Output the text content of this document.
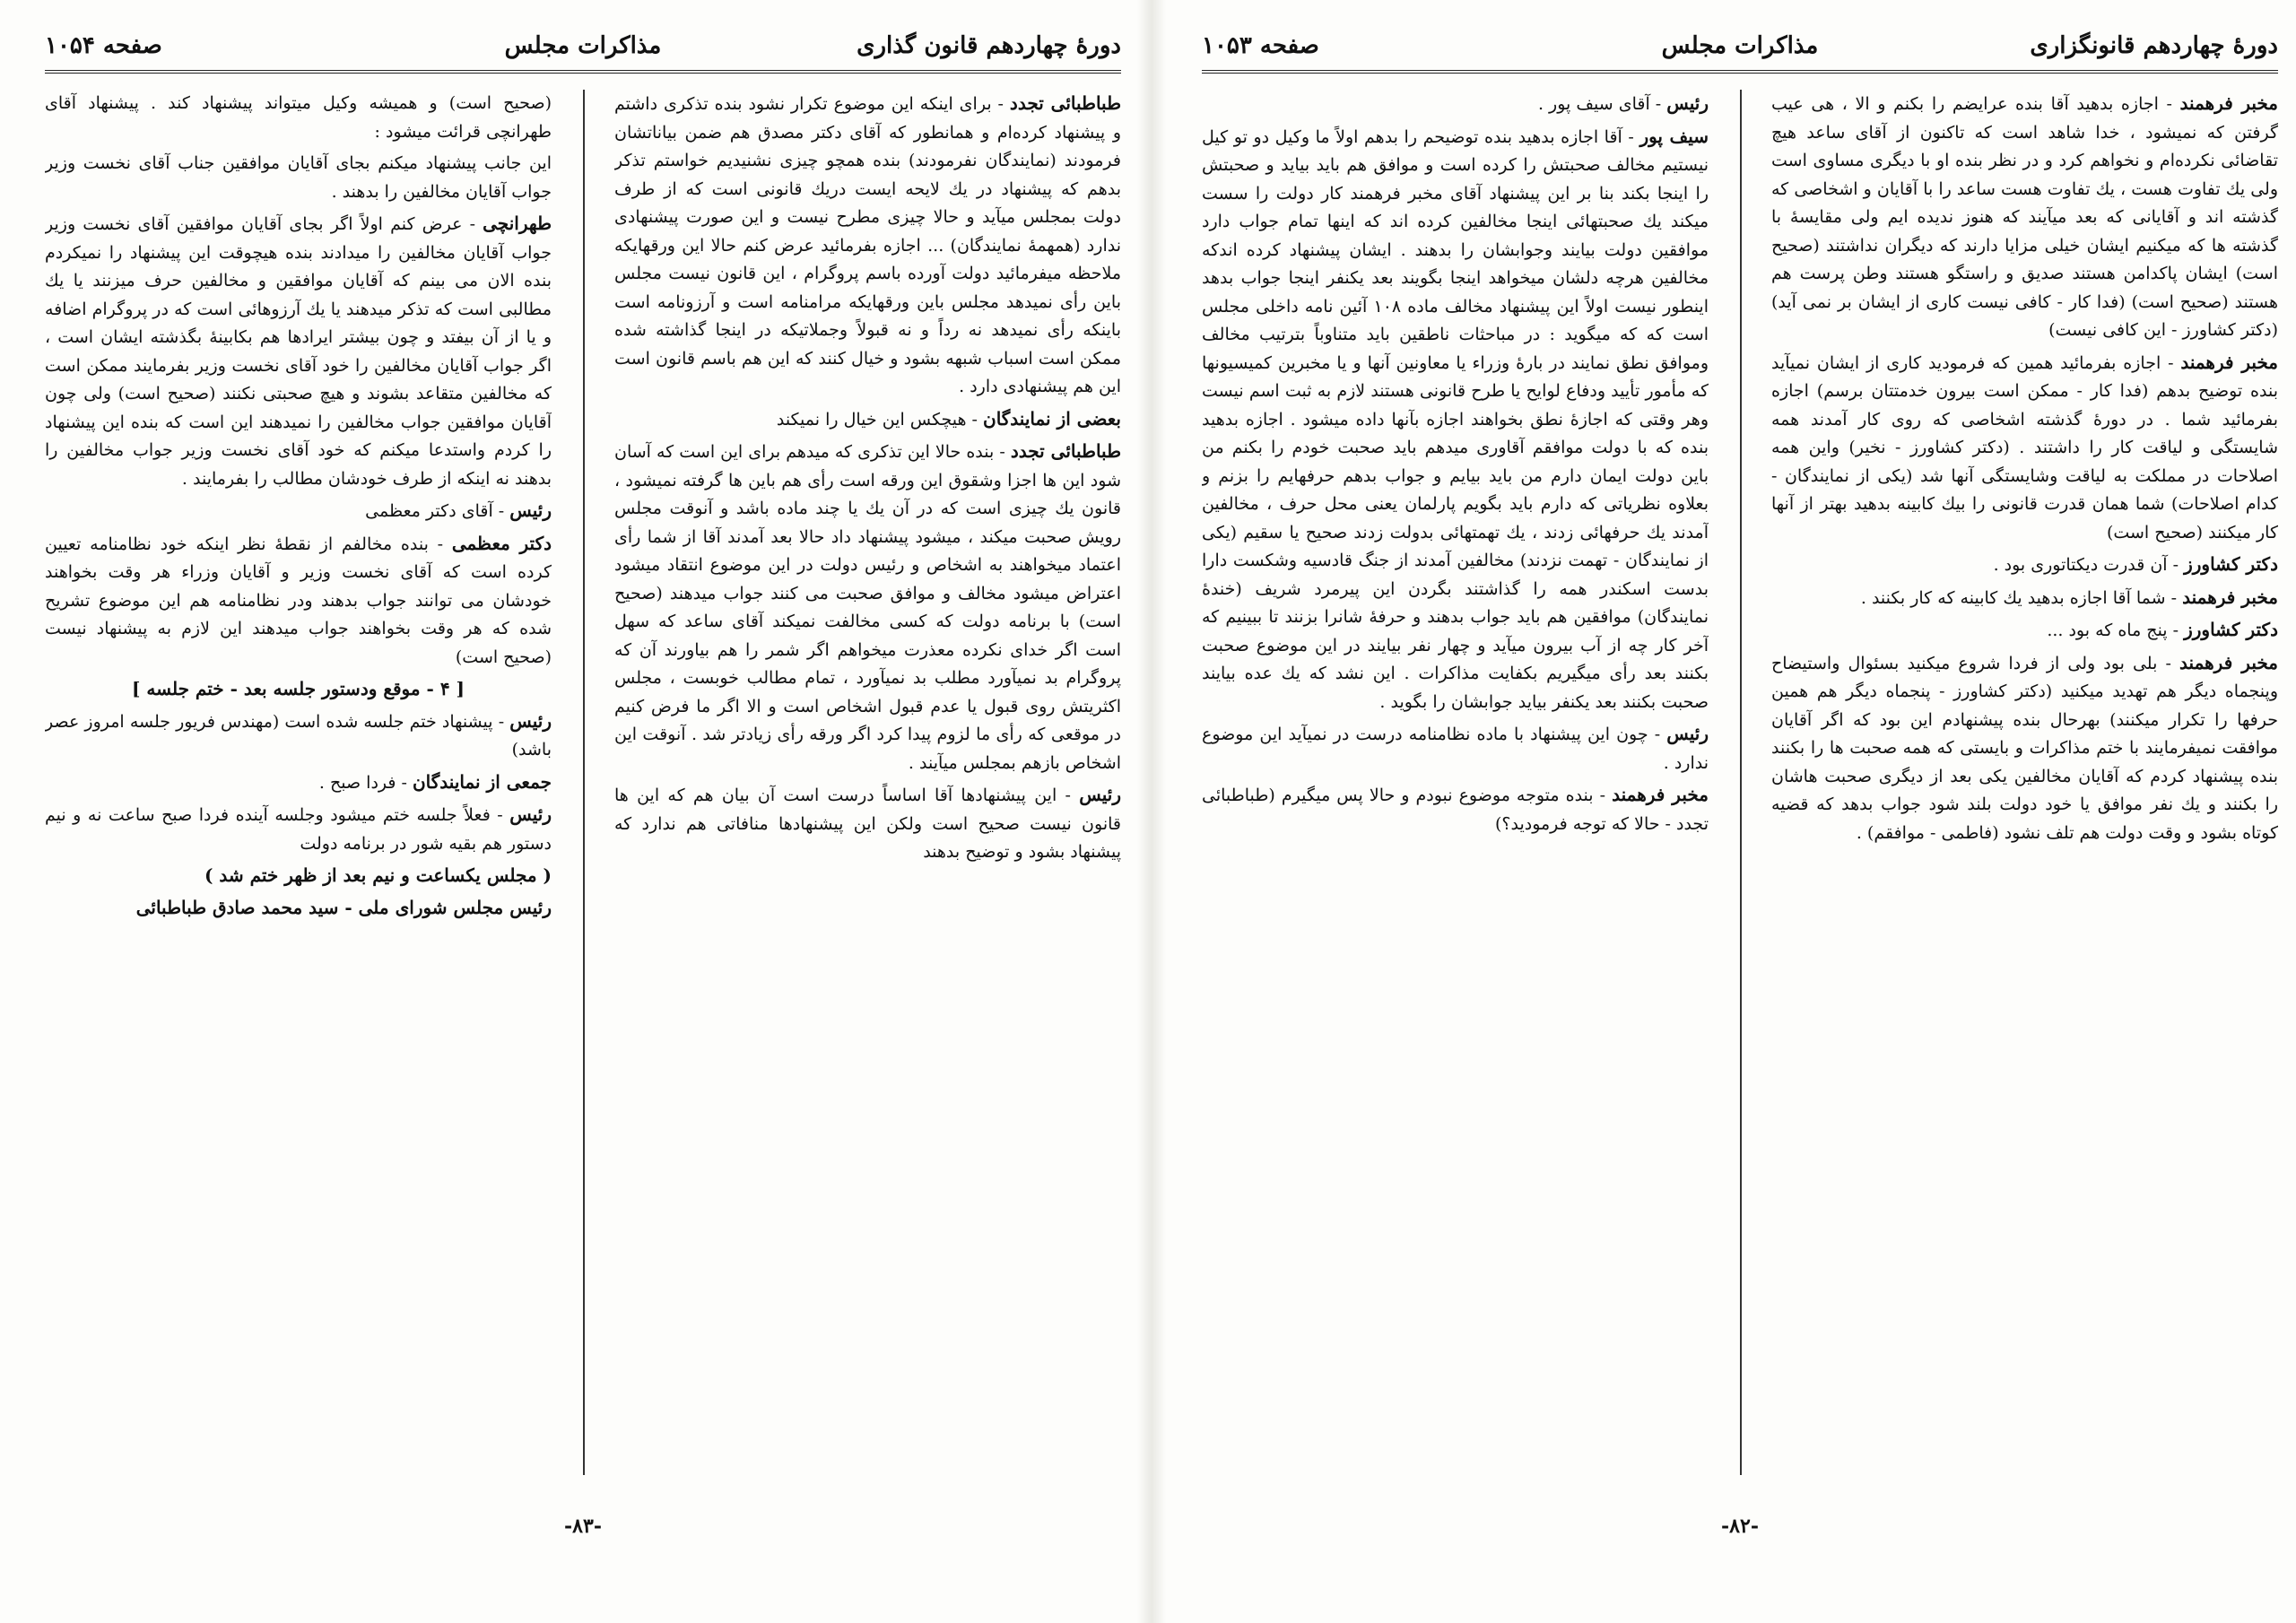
دورهٔ چهاردهم قانون گذاری
مذاکرات مجلس
صفحه ۱۰۵۴

طباطبائی تجدد - برای اینکه این موضوع تکرار نشود بنده تذکری داشتم و پیشنهاد کرده‌ام و همانطور که آقای دکتر مصدق هم ضمن بیاناتشان فرمودند (نمایندگان نفرمودند) بنده همچو چیزی نشنیدیم خواستم تذکر بدهم که پیشنهاد در یك لایحه ایست دریك قانونی است که از طرف دولت بمجلس میآید و حالا چیزی مطرح نیست و این صورت پیشنهادی ندارد (همهمهٔ نمایندگان) ... اجازه بفرمائید عرض کنم حالا این ورقهایکه ملاحظه میفرمائید دولت آورده باسم پروگرام ، این قانون نیست مجلس باین رأی نمیدهد مجلس باین ورقهایکه مرامنامه است و آرزونامه است باینکه رأی نمیدهد نه رداً و نه قبولاً وجملاتیکه در اینجا گذاشته شده ممکن است اسباب شبهه بشود و خیال کنند که این هم باسم قانون است این هم پیشنهادی دارد .

بعضی از نمایندگان - هیچکس این خیال را نمیکند

طباطبائی تجدد - بنده حالا این تذکری که میدهم برای این است که آسان شود این ها اجزا وشقوق این ورقه است رأی هم باین ها گرفته نمیشود ، قانون یك چیزی است که در آن یك یا چند ماده باشد و آنوقت مجلس رویش صحبت میکند ، میشود پیشنهاد داد حالا بعد آمدند آقا از شما رأی اعتماد میخواهند به اشخاص و رئیس دولت در این موضوع انتقاد میشود اعتراض میشود مخالف و موافق صحبت می کنند جواب میدهند (صحیح است) با برنامه دولت که کسی مخالفت نمیکند آقای ساعد که سهل است اگر خدای نکرده معذرت میخواهم اگر شمر را هم بیاورند آن که پروگرام بد نمیآورد مطلب بد نمیآورد ، تمام مطالب خوبست ، مجلس اکثریتش روی قبول یا عدم قبول اشخاص است و الا اگر ما فرض کنیم در موقعی که رأی ما لزوم پیدا کرد اگر ورقه رأی زیادتر شد . آنوقت این اشخاص بازهم بمجلس میآیند .

رئیس - این پیشنهادها آقا اساساً درست است آن بیان هم که این ها قانون نیست صحیح است ولکن این پیشنهادها منافاتی هم ندارد که پیشنهاد بشود و توضیح بدهند

(صحیح است) و همیشه وکیل میتواند پیشنهاد کند . پیشنهاد آقای طهرانچی قرائت میشود :

این جانب پیشنهاد میکنم بجای آقایان موافقین جناب آقای نخست وزیر جواب آقایان مخالفین را بدهند .

طهرانچی - عرض کنم اولاً اگر بجای آقایان موافقین آقای نخست وزیر جواب آقایان مخالفین را میدادند بنده هیچوقت این پیشنهاد را نمیکردم بنده الان می بینم که آقایان موافقین و مخالفین حرف میزنند یا یك مطالبی است که تذکر میدهند یا یك آرزوهائی است که در پروگرام اضافه و یا از آن بیفتد و چون بیشتر ایرادها هم بکابینهٔ بگذشته ایشان است ، اگر جواب آقایان مخالفین را خود آقای نخست وزیر بفرمایند ممکن است که مخالفین متقاعد بشوند و هیچ صحبتی نکنند (صحیح است) ولی چون آقایان موافقین جواب مخالفین را نمیدهند این است که بنده این پیشنهاد را کردم واستدعا میکنم که خود آقای نخست وزیر جواب مخالفین را بدهند نه اینکه از طرف خودشان مطالب را بفرمایند .

رئیس - آقای دکتر معظمی

دکتر معظمی - بنده مخالفم از نقطهٔ نظر اینکه خود نظامنامه تعیین کرده است که آقای نخست وزیر و آقایان وزراء هر وقت بخواهند خودشان می توانند جواب بدهند ودر نظامنامه هم این موضوع تشریح شده که هر وقت بخواهند جواب میدهند این لازم به پیشنهاد نیست (صحیح است)

[ ۴ - موقع ودستور جلسه بعد - ختم جلسه ]

رئیس - پیشنهاد ختم جلسه شده است (مهندس فریور جلسه امروز عصر باشد)

جمعی از نمایندگان - فردا صبح .

رئیس - فعلاً جلسه ختم میشود وجلسه آینده فردا صبح ساعت نه و نیم دستور هم بقیه شور در برنامه دولت

( مجلس یکساعت و نیم بعد از ظهر ختم شد )

رئیس مجلس شورای ملی - سید محمد صادق طباطبائی

-۸۳-
دورهٔ چهاردهم قانونگزاری
مذاکرات مجلس
صفحه ۱۰۵۳

مخبر فرهمند - اجازه بدهید آقا بنده عرایضم را بکنم و الا ، هی عیب گرفتن که نمیشود ، خدا شاهد است که تاکنون از آقای ساعد هیچ تقاضائی نکرده‌ام و نخواهم کرد و در نظر بنده او با دیگری مساوی است ولی یك تفاوت هست ، یك تفاوت هست ساعد را با آقایان و اشخاصی که گذشته اند و آقایانی که بعد میآیند که هنوز ندیده ایم ولی مقایسهٔ با گذشته ها که میکنیم ایشان خیلی مزایا دارند که دیگران نداشتند (صحیح است) ایشان پاکدامن هستند صدیق و راستگو هستند وطن پرست هم هستند (صحیح است) (فدا کار - کافی نیست کاری از ایشان بر نمی آید) (دکتر کشاورز - این کافی نیست)

مخبر فرهمند - اجازه بفرمائید همین که فرمودید کاری از ایشان نمیآید بنده توضیح بدهم (فدا کار - ممکن است بیرون خدمتتان برسم) اجازه بفرمائید شما . در دورهٔ گذشته اشخاصی که روی کار آمدند همه شایستگی و لیاقت کار را داشتند . (دکتر کشاورز - نخیر) واین همه اصلاحات در مملکت به لیاقت وشایستگی آنها شد (یکی از نمایندگان - کدام اصلاحات) شما همان قدرت قانونی را بیك کابینه بدهید بهتر از آنها کار میکنند (صحیح است)

دکتر کشاورز - آن قدرت دیکتاتوری بود .

مخبر فرهمند - شما آقا اجازه بدهید یك کابینه که کار بکنند .

دکتر کشاورز - پنج ماه که بود ...

مخبر فرهمند - بلی بود ولی از فردا شروع میکنید بسئوال واستیضاح وپنجماه دیگر هم تهدید میکنید (دکتر کشاورز - پنجماه دیگر هم همین حرفها را تکرار میکنند) بهرحال بنده پیشنهادم این بود که اگر آقایان موافقت نمیفرمایند با ختم مذاکرات و بایستی که همه صحبت ها را بکنند بنده پیشنهاد کردم که آقایان مخالفین یکی بعد از دیگری صحبت هاشان را بکنند و یك نفر موافق یا خود دولت بلند شود جواب بدهد که قضیه کوتاه بشود و وقت دولت هم تلف نشود (فاطمی - موافقم) .

رئیس - آقای سیف پور .

سیف پور - آقا اجازه بدهید بنده توضیحم را بدهم اولاً ما وکیل دو تو کیل نیستیم مخالف صحبتش را کرده است و موافق هم باید بیاید و صحبتش را اینجا بکند بنا بر این پیشنهاد آقای مخبر فرهمند کار دولت را سست میکند یك صحبتهائی اینجا مخالفین کرده اند که اینها تمام جواب دارد موافقین دولت بیایند وجوابشان را بدهند . ایشان پیشنهاد کرده اندکه مخالفین هرچه دلشان میخواهد اینجا بگویند بعد یکنفر اینجا جواب بدهد اینطور نیست اولاً این پیشنهاد مخالف ماده ۱۰۸ آئین نامه داخلی مجلس است که که میگوید : در مباحثات ناطقین باید متناوباً بترتیب مخالف وموافق نطق نمایند در بارهٔ وزراء یا معاونین آنها و یا مخبرین کمیسیونها که مأمور تأیید ودفاع لوایح یا طرح قانونی هستند لازم به ثبت اسم نیست وهر وقتی که اجازهٔ نطق بخواهند اجازه بآنها داده میشود . اجازه بدهید بنده که با دولت موافقم آقاوری میدهم باید صحبت خودم را بکنم من باین دولت ایمان دارم من باید بیایم و جواب بدهم حرفهایم را بزنم و بعلاوه نظریاتی که دارم باید بگویم پارلمان یعنی محل حرف ، مخالفین آمدند یك حرفهائی زدند ، یك تهمتهائی بدولت زدند صحیح یا سقیم (یکی از نمایندگان - تهمت نزدند) مخالفین آمدند از جنگ قادسیه وشکست دارا بدست اسکندر همه را گذاشتند بگردن این پیرمرد شریف (خندهٔ نمایندگان) موافقین هم باید جواب بدهند و حرفهٔ شانرا بزنند تا ببینیم که آخر کار چه از آب بیرون میآید و چهار نفر بیایند در این موضوع صحبت بکنند بعد رأی میگیریم بکفایت مذاکرات . این نشد که یك عده بیایند صحبت بکنند بعد یکنفر بیاید جوابشان را بگوید .

رئیس - چون این پیشنهاد با ماده نظامنامه درست در نمیآید این موضوع ندارد .

مخبر فرهمند - بنده متوجه موضوع نبودم و حالا پس میگیرم (طباطبائی تجدد - حالا که توجه فرمودید؟)

-۸۲-
